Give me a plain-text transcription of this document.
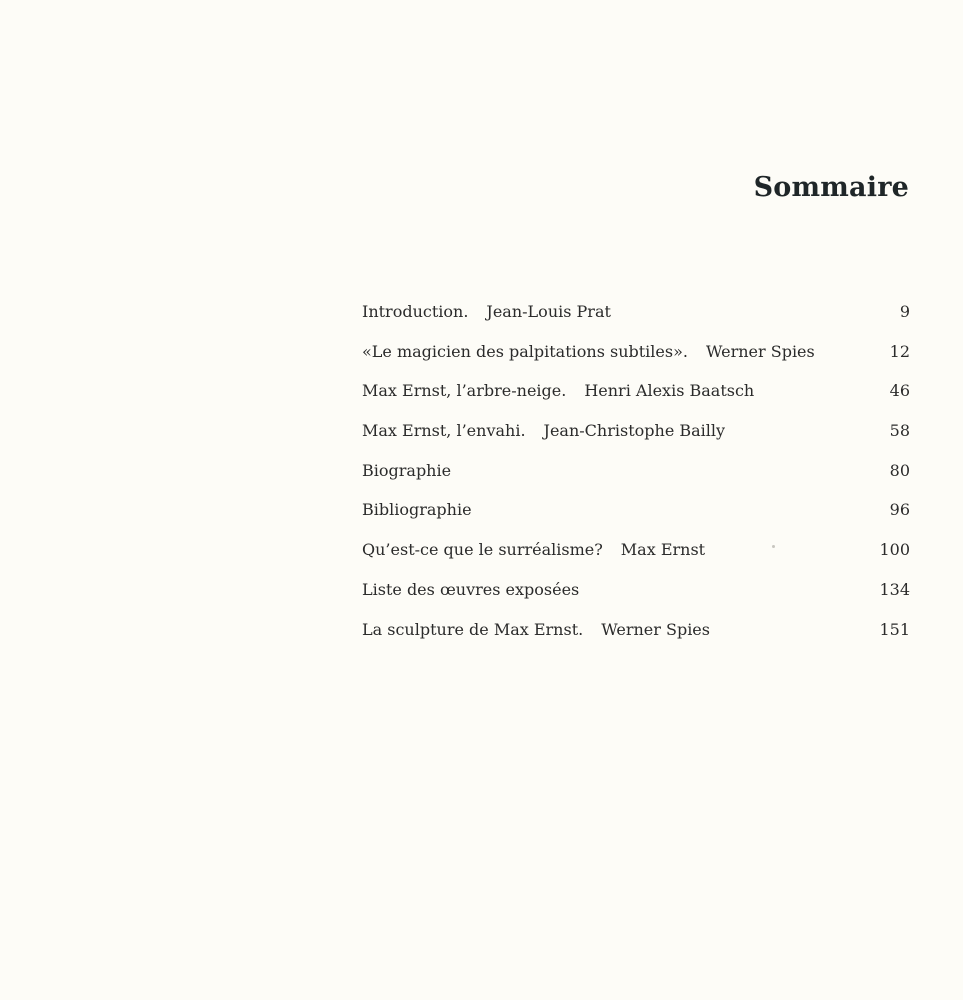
Sommaire
Introduction. Jean-Louis Prat	9
«Le magicien des palpitations subtiles». Werner Spies	12
Max Ernst, l’arbre-neige. Henri Alexis Baatsch	46
Max Ernst, l’envahi. Jean-Christophe Bailly	58
Biographie	80
Bibliographie	96
Qu’est-ce que le surréalisme? Max Ernst	100
Liste des œuvres exposées	134
La sculpture de Max Ernst. Werner Spies	151
